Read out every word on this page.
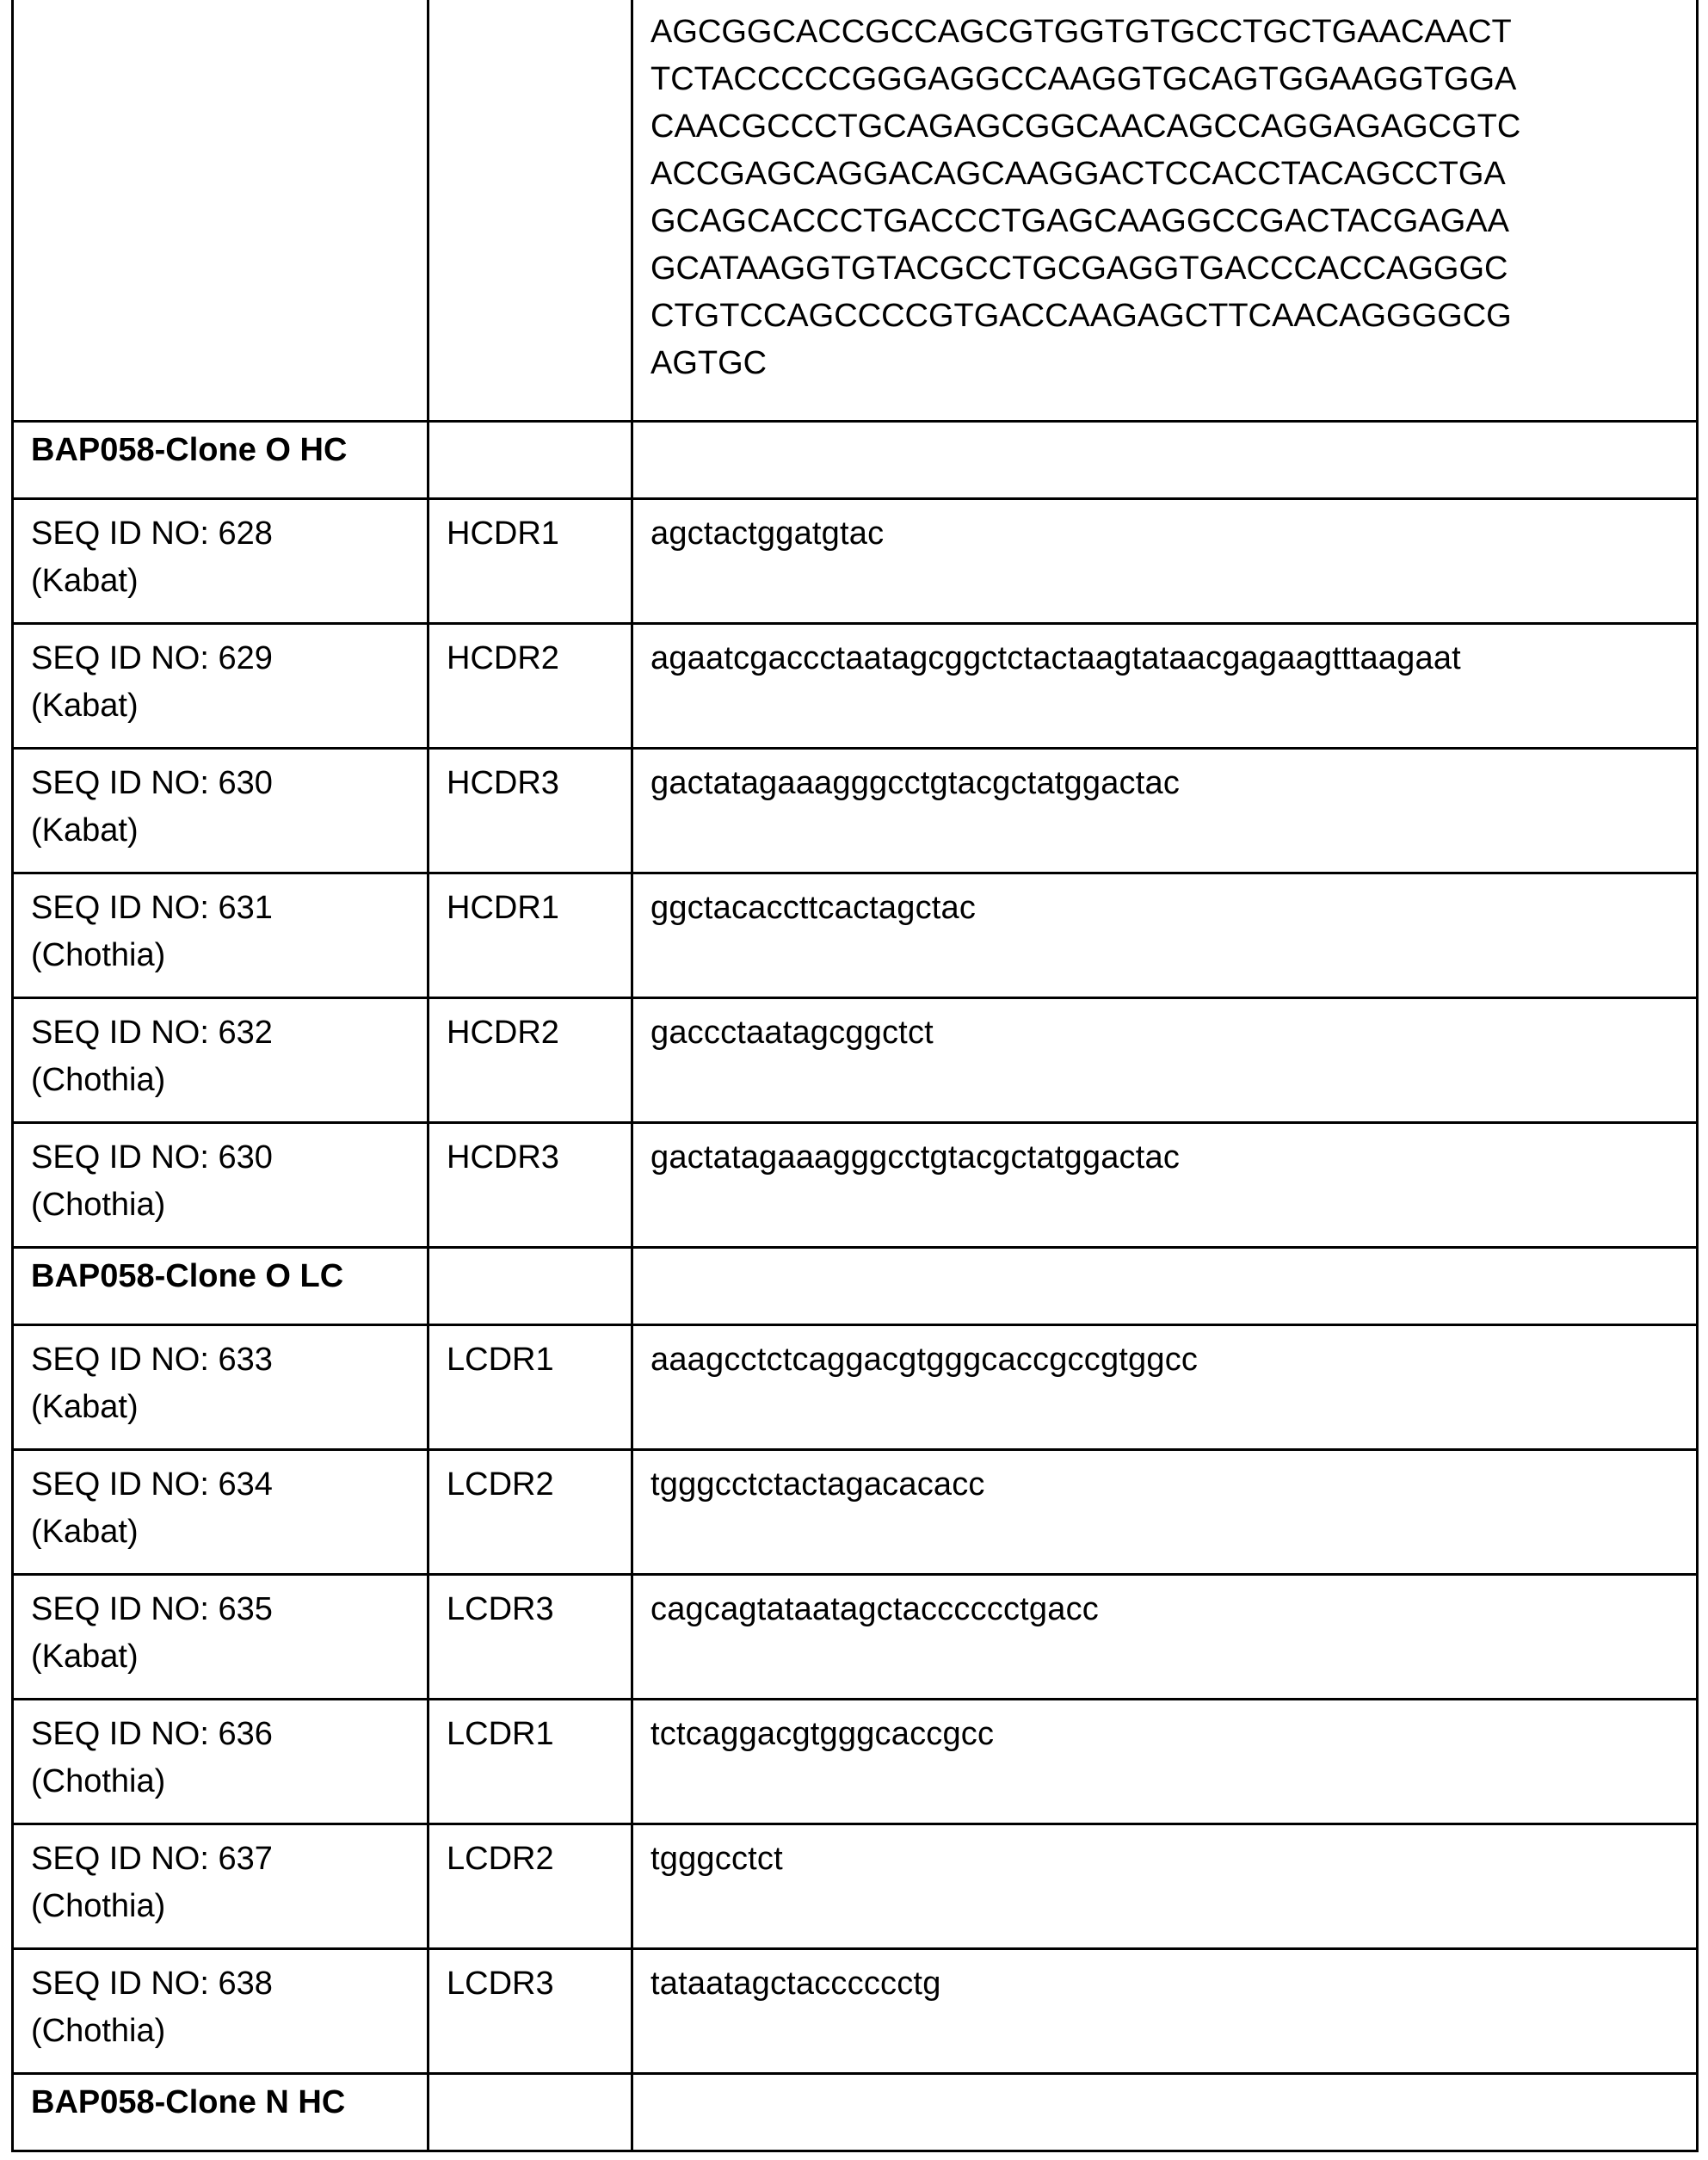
AGCGGCACCGCCAGCGTGGTGTGCCTGCTGAACAACT
TCTACCCCCGGGAGGCCAAGGTGCAGTGGAAGGTGGA
CAACGCCCTGCAGAGCGGCAACAGCCAGGAGAGCGTC
ACCGAGCAGGACAGCAAGGACTCCACCTACAGCCTGA
GCAGCACCCTGACCCTGAGCAAGGCCGACTACGAGAA
GCATAAGGTGTACGCCTGCGAGGTGACCCACCAGGGC
CTGTCCAGCCCCGTGACCAAGAGCTTCAACAGGGGCG
AGTGC

BAP058-Clone O HC		

SEQ ID NO: 628
(Kabat)
	HCDR1	agctactggatgtac

SEQ ID NO: 629
(Kabat)
	HCDR2	agaatcgaccctaatagcggctctactaagtataacgagaagtttaagaat

SEQ ID NO: 630
(Kabat)
	HCDR3	gactatagaaagggcctgtacgctatggactac

SEQ ID NO: 631
(Chothia)
	HCDR1	ggctacaccttcactagctac

SEQ ID NO: 632
(Chothia)
	HCDR2	gaccctaatagcggctct

SEQ ID NO: 630
(Chothia)
	HCDR3	gactatagaaagggcctgtacgctatggactac
BAP058-Clone O LC		

SEQ ID NO: 633
(Kabat)
	LCDR1	aaagcctctcaggacgtgggcaccgccgtggcc

SEQ ID NO: 634
(Kabat)
	LCDR2	tgggcctctactagacacacc

SEQ ID NO: 635
(Kabat)
	LCDR3	cagcagtataatagctacccccctgacc

SEQ ID NO: 636
(Chothia)
	LCDR1	tctcaggacgtgggcaccgcc

SEQ ID NO: 637
(Chothia)
	LCDR2	tgggcctct

SEQ ID NO: 638
(Chothia)
	LCDR3	tataatagctacccccctg
BAP058-Clone N HC		
